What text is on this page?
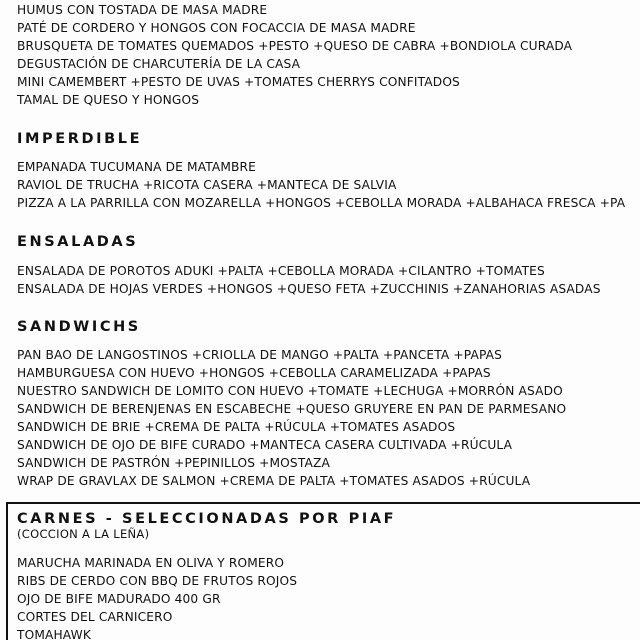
HUMUS CON TOSTADA DE MASA MADRE
PATÉ DE CORDERO Y HONGOS CON FOCACCIA DE MASA MADRE
BRUSQUETA DE TOMATES QUEMADOS +PESTO +QUESO DE CABRA +BONDIOLA CURADA
DEGUSTACIÓN DE CHARCUTERÍA DE LA CASA
MINI CAMEMBERT +PESTO DE UVAS +TOMATES CHERRYS CONFITADOS
TAMAL DE QUESO Y HONGOS
IMPERDIBLE
EMPANADA TUCUMANA DE MATAMBRE
RAVIOL DE TRUCHA +RICOTA CASERA +MANTECA DE SALVIA
PIZZA A LA PARRILLA CON MOZARELLA +HONGOS +CEBOLLA MORADA +ALBAHACA FRESCA +PA
ENSALADAS
ENSALADA DE POROTOS ADUKI +PALTA +CEBOLLA MORADA +CILANTRO +TOMATES
ENSALADA DE HOJAS VERDES +HONGOS +QUESO FETA +ZUCCHINIS +ZANAHORIAS ASADAS
SANDWICHS
PAN BAO DE LANGOSTINOS +CRIOLLA DE MANGO +PALTA +PANCETA +PAPAS
HAMBURGUESA CON HUEVO +HONGOS +CEBOLLA CARAMELIZADA +PAPAS
NUESTRO SANDWICH DE LOMITO CON HUEVO +TOMATE +LECHUGA +MORRÓN ASADO
SANDWICH DE BERENJENAS EN ESCABECHE +QUESO GRUYERE EN PAN DE PARMESANO
SANDWICH DE BRIE +CREMA DE PALTA +RÚCULA +TOMATES ASADOS
SANDWICH DE OJO DE BIFE CURADO +MANTECA CASERA CULTIVADA +RÚCULA
SANDWICH DE PASTRÓN +PEPINILLOS +MOSTAZA
WRAP DE GRAVLAX DE SALMON +CREMA DE PALTA +TOMATES ASADOS +RÚCULA
CARNES - SELECCIONADAS POR PIAF
(COCCION A LA LEÑA)
MARUCHA MARINADA EN OLIVA Y ROMERO
RIBS DE CERDO CON BBQ DE FRUTOS ROJOS
OJO DE BIFE MADURADO 400 GR
CORTES DEL CARNICERO
TOMAHAWK
